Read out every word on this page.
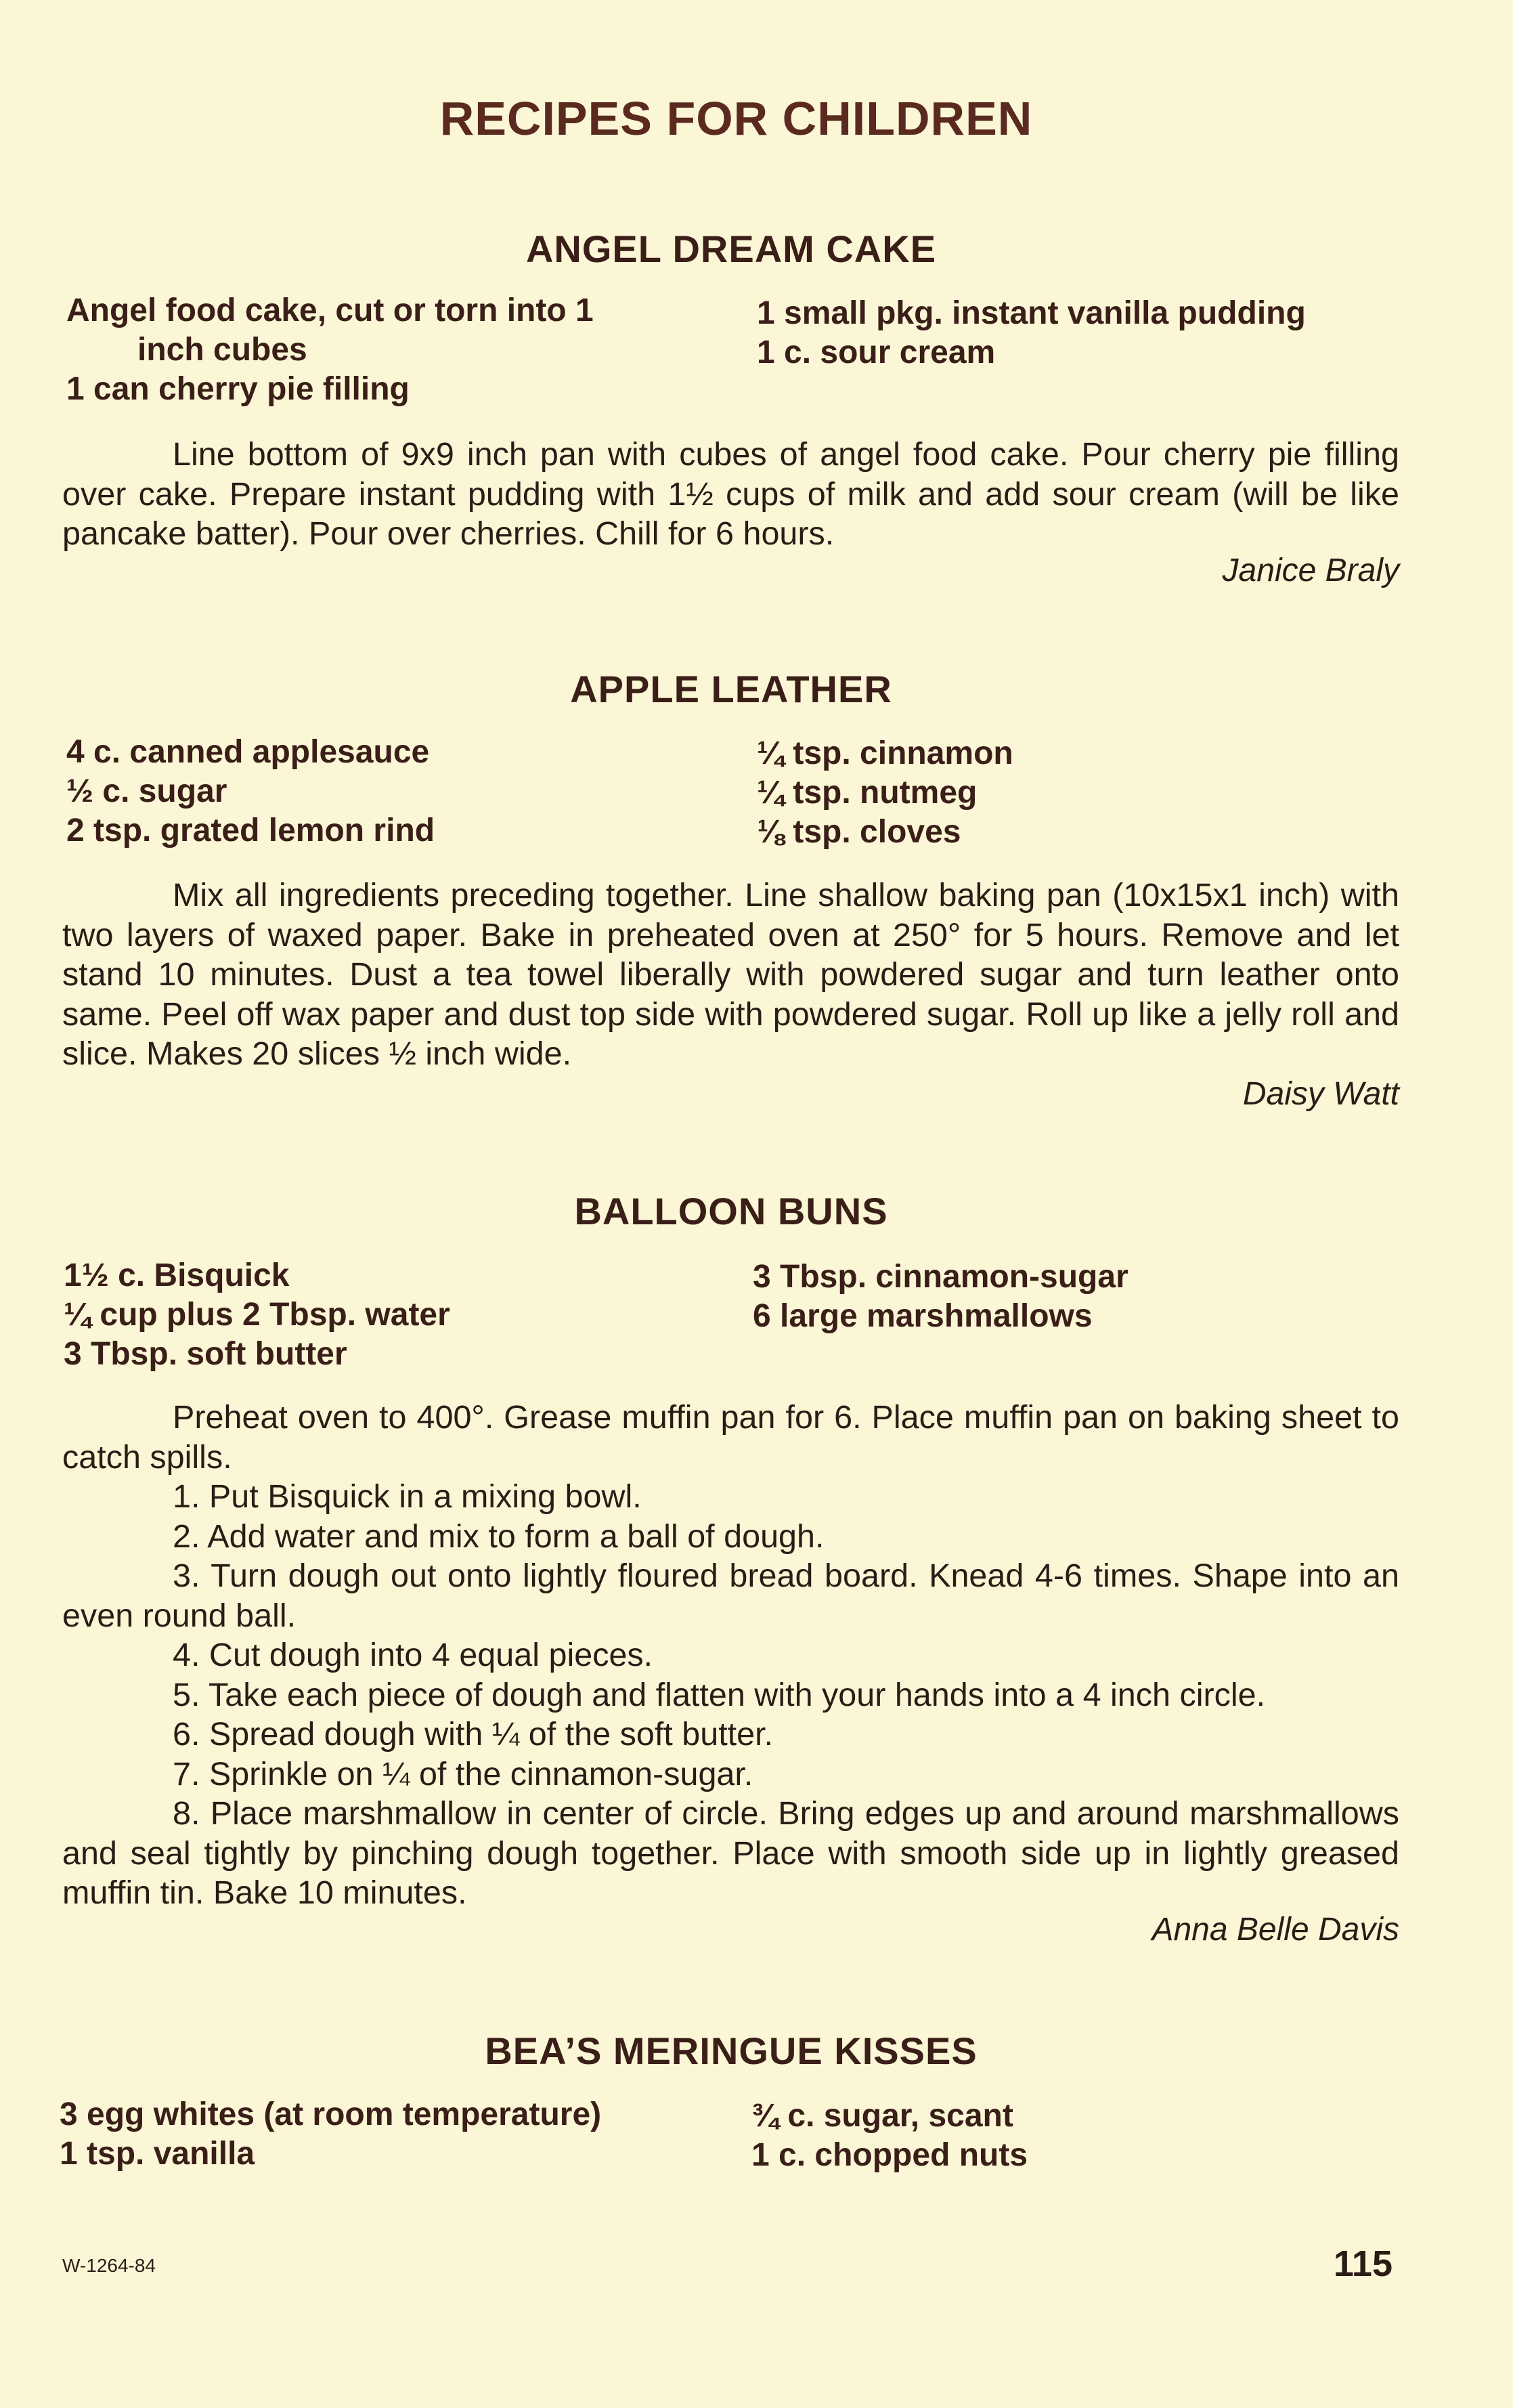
RECIPES FOR CHILDREN
ANGEL DREAM CAKE
Angel food cake, cut or torn into 1
inch cubes
1 can cherry pie filling
1 small pkg. instant vanilla pudding
1 c. sour cream

Line bottom of 9x9 inch pan with cubes of angel food cake. Pour cherry pie filling over cake. Prepare instant pudding with 1½ cups of milk and add sour cream (will be like pancake batter). Pour over cherries. Chill for 6 hours.

Janice Braly
APPLE LEATHER
4 c. canned applesauce
½ c. sugar
2 tsp. grated lemon rind
¼ tsp. cinnamon
¼ tsp. nutmeg
⅛ tsp. cloves

Mix all ingredients preceding together. Line shallow baking pan (10x15x1 inch) with two layers of waxed paper. Bake in preheated oven at 250° for 5 hours. Remove and let stand 10 minutes. Dust a tea towel liberally with powdered sugar and turn leather onto same. Peel off wax paper and dust top side with powdered sugar. Roll up like a jelly roll and slice. Makes 20 slices ½ inch wide.

Daisy Watt
BALLOON BUNS
1½ c. Bisquick
¼ cup plus 2 Tbsp. water
3 Tbsp. soft butter
3 Tbsp. cinnamon-sugar
6 large marshmallows

Preheat oven to 400°. Grease muffin pan for 6. Place muffin pan on baking sheet to catch spills.

1. Put Bisquick in a mixing bowl.

2. Add water and mix to form a ball of dough.

3. Turn dough out onto lightly floured bread board. Knead 4-6 times. Shape into an even round ball.

4. Cut dough into 4 equal pieces.

5. Take each piece of dough and flatten with your hands into a 4 inch circle.

6. Spread dough with ¼ of the soft butter.

7. Sprinkle on ¼ of the cinnamon-sugar.

8. Place marshmallow in center of circle. Bring edges up and around marshmallows and seal tightly by pinching dough together. Place with smooth side up in lightly greased muffin tin. Bake 10 minutes.

Anna Belle Davis
BEA’S MERINGUE KISSES
3 egg whites (at room temperature)
1 tsp. vanilla
¾ c. sugar, scant
1 c. chopped nuts
W-1264-84	115
